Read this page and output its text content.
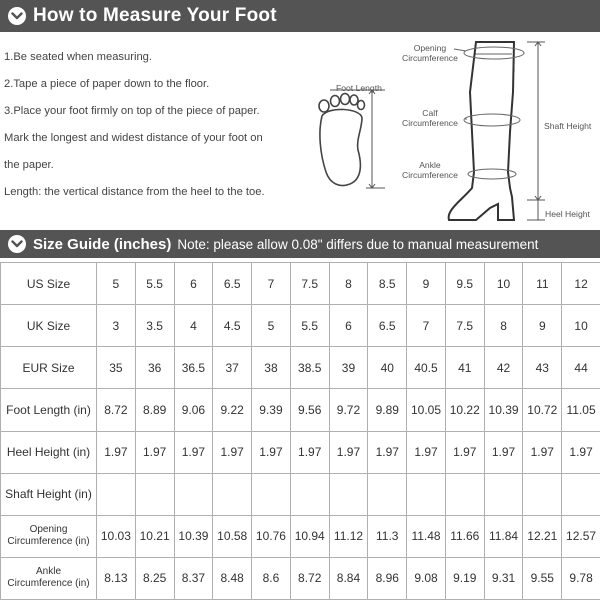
How to Measure Your Foot

1.Be seated when measuring.

2.Tape a piece of paper down to the floor.

3.Place your foot firmly on top of the piece of paper.

Mark the longest and widest distance of your foot on

the paper.

Length: the vertical distance from the heel to the toe.

Foot Length
Opening
Circumference
Calf
Circumference
Ankle
Circumference
Shaft Height
Heel Height
Size Guide (inches) Note: please allow 0.08" differs due to manual measurement
US Size	5	5.5	6	6.5	7	7.5	8	8.5	9	9.5	10	11	12
UK Size	3	3.5	4	4.5	5	5.5	6	6.5	7	7.5	8	9	10
EUR Size	35	36	36.5	37	38	38.5	39	40	40.5	41	42	43	44
Foot Length (in)	8.72	8.89	9.06	9.22	9.39	9.56	9.72	9.89	10.05	10.22	10.39	10.72	11.05
Heel Height (in)	1.97	1.97	1.97	1.97	1.97	1.97	1.97	1.97	1.97	1.97	1.97	1.97	1.97
Shaft Height (in)													

Opening
Circumference (in)	10.03	10.21	10.39	10.58	10.76	10.94	11.12	11.3	11.48	11.66	11.84	12.21	12.57

Ankle
Circumference (in)	8.13	8.25	8.37	8.48	8.6	8.72	8.84	8.96	9.08	9.19	9.31	9.55	9.78
